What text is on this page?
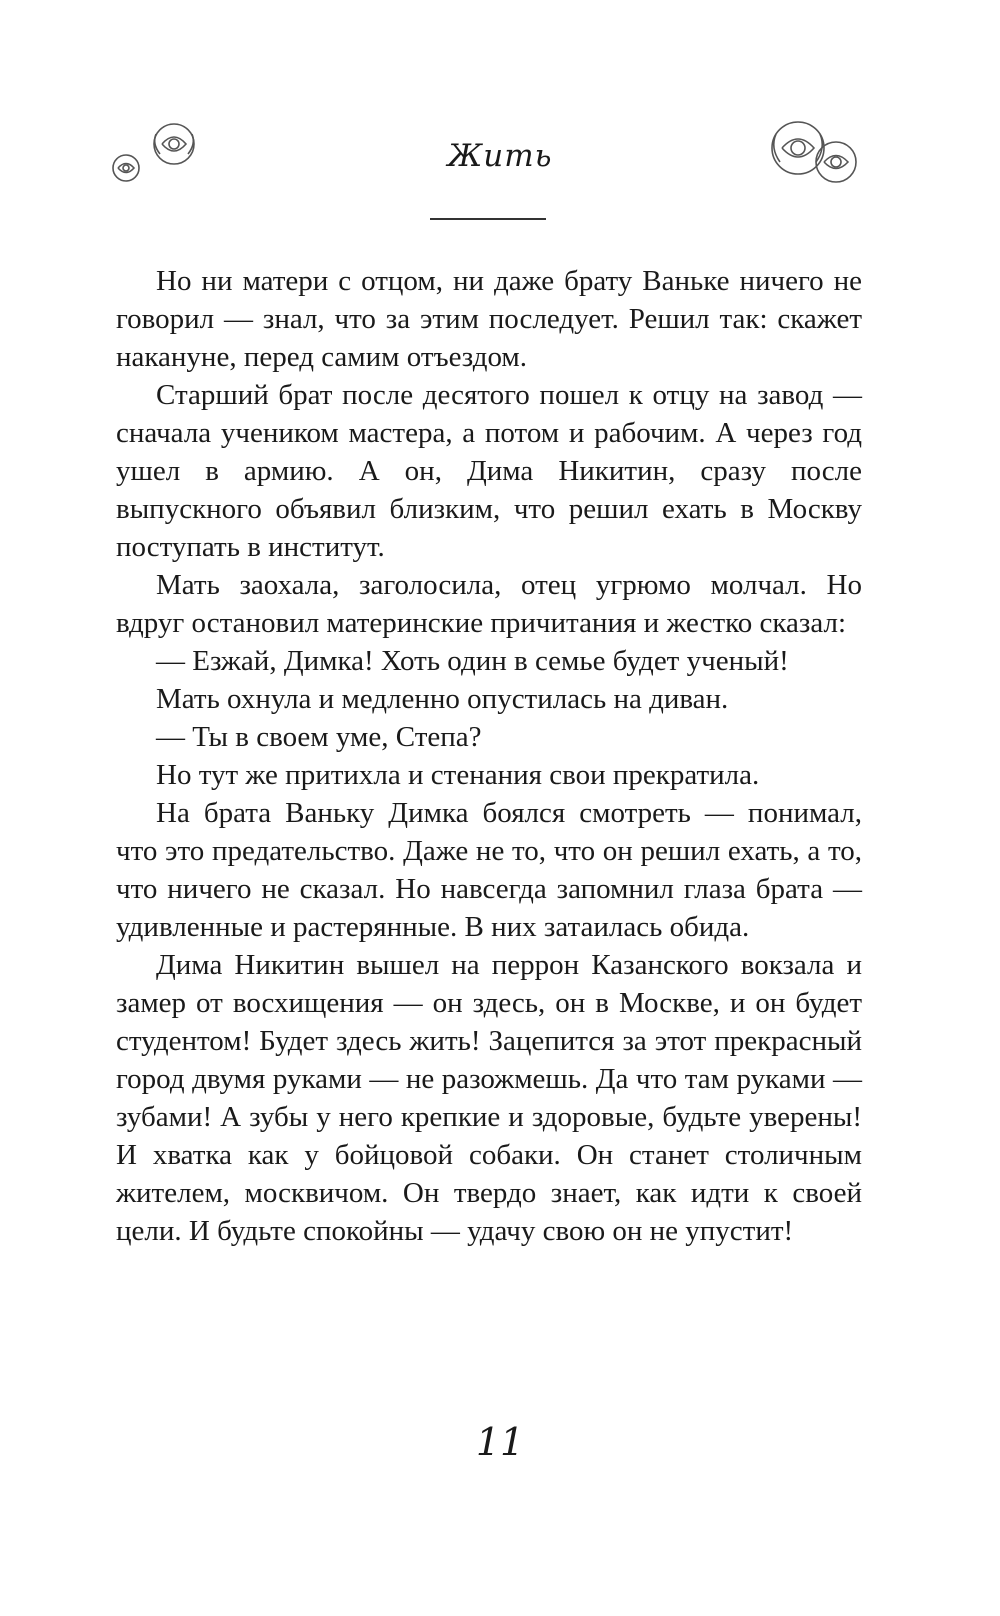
Жить

Но ни матери с отцом, ни даже брату Ваньке ничего не говорил — знал, что за этим последует. Решил так: скажет накануне, перед самим отъездом.

Старший брат после десятого пошел к отцу на завод — сначала учеником мастера, а потом и рабочим. А через год ушел в армию. А он, Дима Никитин, сразу после выпускного объявил близким, что решил ехать в Москву поступать в институт.

Мать заохала, заголосила, отец угрюмо молчал. Но вдруг остановил материнские причитания и жестко сказал:

— Езжай, Димка! Хоть один в семье будет ученый!

Мать охнула и медленно опустилась на диван.

— Ты в своем уме, Степа?

Но тут же притихла и стенания свои прекратила.

На брата Ваньку Димка боялся смотреть — понимал, что это предательство. Даже не то, что он решил ехать, а то, что ничего не сказал. Но навсегда запомнил глаза брата — удивленные и растерянные. В них затаилась обида.

Дима Никитин вышел на перрон Казанского вокзала и замер от восхищения — он здесь, он в Москве, и он будет студентом! Будет здесь жить! Зацепится за этот прекрасный город двумя руками — не разожмешь. Да что там руками — зубами! А зубы у него крепкие и здоровые, будьте уверены! И хватка как у бойцовой собаки. Он станет столичным жителем, москвичом. Он твердо знает, как идти к своей цели. И будьте спокойны — удачу свою он не упустит!

11
